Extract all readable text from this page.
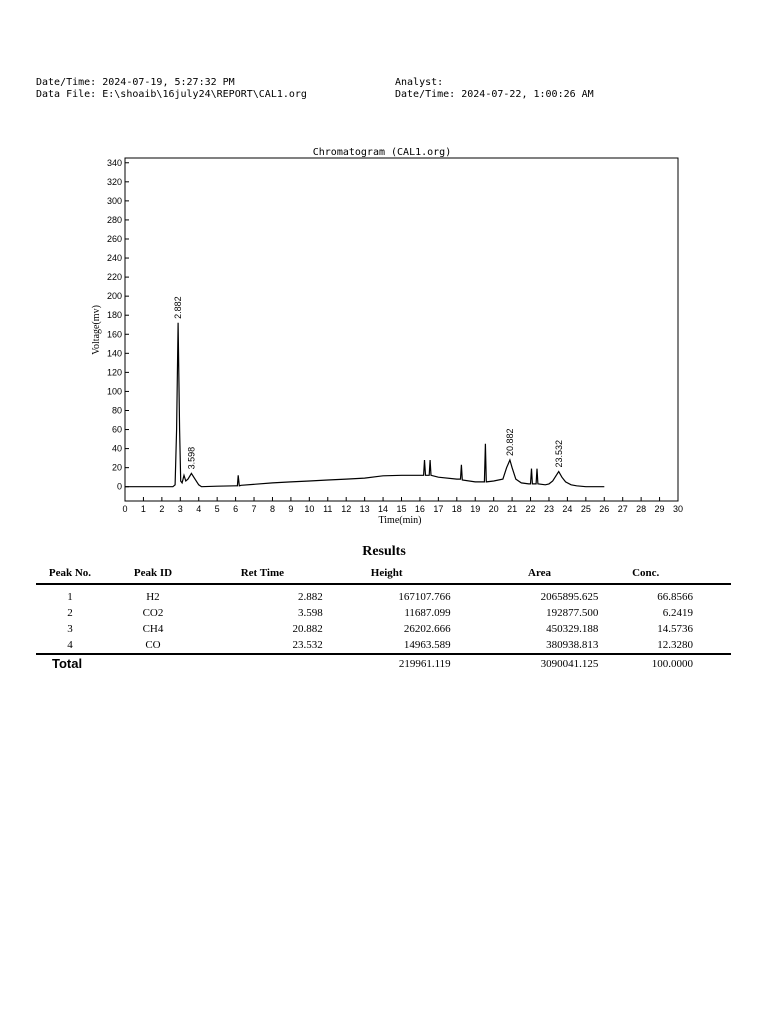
Date/Time: 2024-07-19, 5:27:32 PM
Data File: E:\shoaib\16july24\REPORT\CAL1.org
Analyst:
Date/Time: 2024-07-22, 1:00:26 AM
Chromatogram (CAL1.org)
0
20
40
60
80
100
120
140
160
180
200
220
240
260
280
300
320
340
0 1 2 3 4 5 6 7 8 9 10 11 12 13 14 15 16 17 18 19 20 21 22 23 24 25 26 27 28 29 30
2.882
3.598
20.882	23.532
Time(min)
Voltage(mv)
Results
Peak No.	Peak ID	Ret Time	Height	Area	Conc.
1	H2	2.882	167107.766	2065895.625	66.8566
2	CO2	3.598	11687.099	192877.500	6.2419
3	CH4	20.882	26202.666	450329.188	14.5736
4	CO	23.532	14963.589	380938.813	12.3280
Total			219961.119	3090041.125	100.0000
